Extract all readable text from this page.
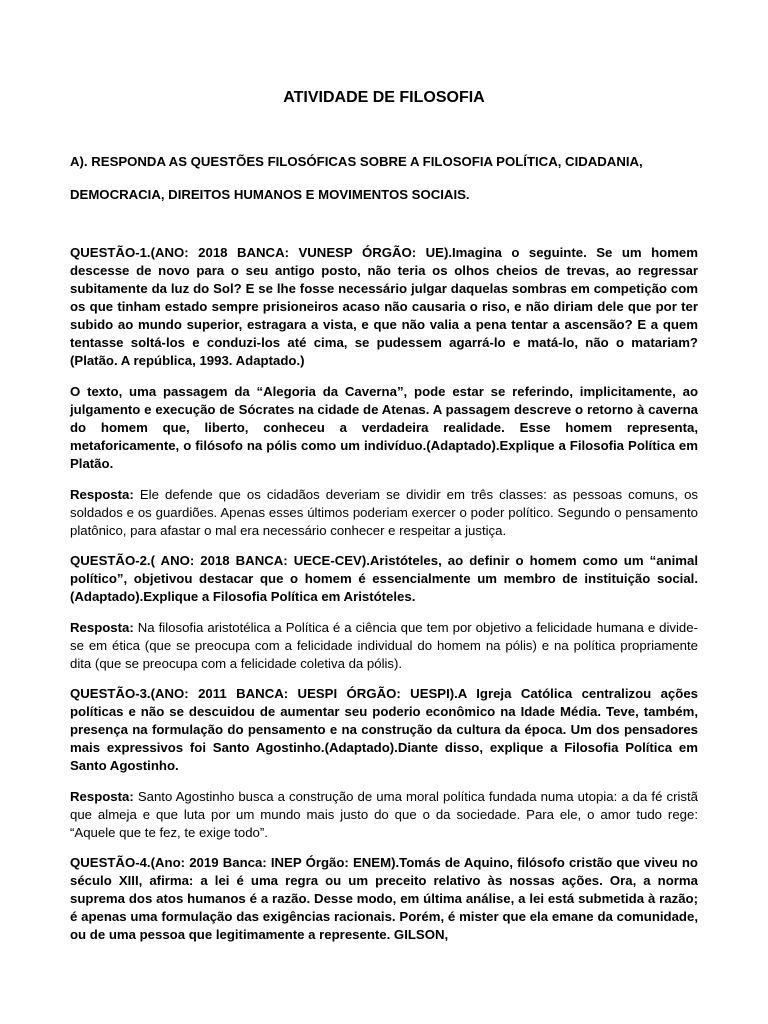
ATIVIDADE DE FILOSOFIA

A). RESPONDA AS QUESTÕES FILOSÓFICAS SOBRE A FILOSOFIA POLÍTICA, CIDADANIA,

DEMOCRACIA, DIREITOS HUMANOS E MOVIMENTOS SOCIAIS.

QUESTÃO-1.(ANO: 2018 BANCA: VUNESP ÓRGÃO: UE).Imagina o seguinte. Se um homem descesse de novo para o seu antigo posto, não teria os olhos cheios de trevas, ao regressar subitamente da luz do Sol? E se lhe fosse necessário julgar daquelas sombras em competição com os que tinham estado sempre prisioneiros acaso não causaria o riso, e não diriam dele que por ter subido ao mundo superior, estragara a vista, e que não valia a pena tentar a ascensão? E a quem tentasse soltá-los e conduzi-los até cima, se pudessem agarrá-lo e matá-lo, não o matariam?(Platão. A república, 1993. Adaptado.)

O texto, uma passagem da “Alegoria da Caverna”, pode estar se referindo, implicitamente, ao julgamento e execução de Sócrates na cidade de Atenas. A passagem descreve o retorno à caverna do homem que, liberto, conheceu a verdadeira realidade. Esse homem representa, metaforicamente, o filósofo na pólis como um indivíduo.(Adaptado).Explique a Filosofia Política em Platão.

Resposta: Ele defende que os cidadãos deveriam se dividir em três classes: as pessoas comuns, os soldados e os guardiões. Apenas esses últimos poderiam exercer o poder político. Segundo o pensamento platônico, para afastar o mal era necessário conhecer e respeitar a justiça.

QUESTÃO-2.( ANO: 2018 BANCA: UECE-CEV).Aristóteles, ao definir o homem como um “animal político”, objetivou destacar que o homem é essencialmente um membro de instituição social.(Adaptado).Explique a Filosofia Política em Aristóteles.

Resposta: Na filosofia aristotélica a Política é a ciência que tem por objetivo a felicidade humana e divide-se em ética (que se preocupa com a felicidade individual do homem na pólis) e na política propriamente dita (que se preocupa com a felicidade coletiva da pólis).

QUESTÃO-3.(ANO: 2011 BANCA: UESPI ÓRGÃO: UESPI).A Igreja Católica centralizou ações políticas e não se descuidou de aumentar seu poderio econômico na Idade Média. Teve, também, presença na formulação do pensamento e na construção da cultura da época. Um dos pensadores mais expressivos foi Santo Agostinho.(Adaptado).Diante disso, explique a Filosofia Política em Santo Agostinho.

Resposta: Santo Agostinho busca a construção de uma moral política fundada numa utopia: a da fé cristã que almeja e que luta por um mundo mais justo do que o da sociedade. Para ele, o amor tudo rege: “Aquele que te fez, te exige todo”.

QUESTÃO-4.(Ano: 2019 Banca: INEP Órgão: ENEM).Tomás de Aquino, filósofo cristão que viveu no século XIII, afirma: a lei é uma regra ou um preceito relativo às nossas ações. Ora, a norma suprema dos atos humanos é a razão. Desse modo, em última análise, a lei está submetida à razão; é apenas uma formulação das exigências racionais. Porém, é mister que ela emane da comunidade, ou de uma pessoa que legitimamente a represente. GILSON,
